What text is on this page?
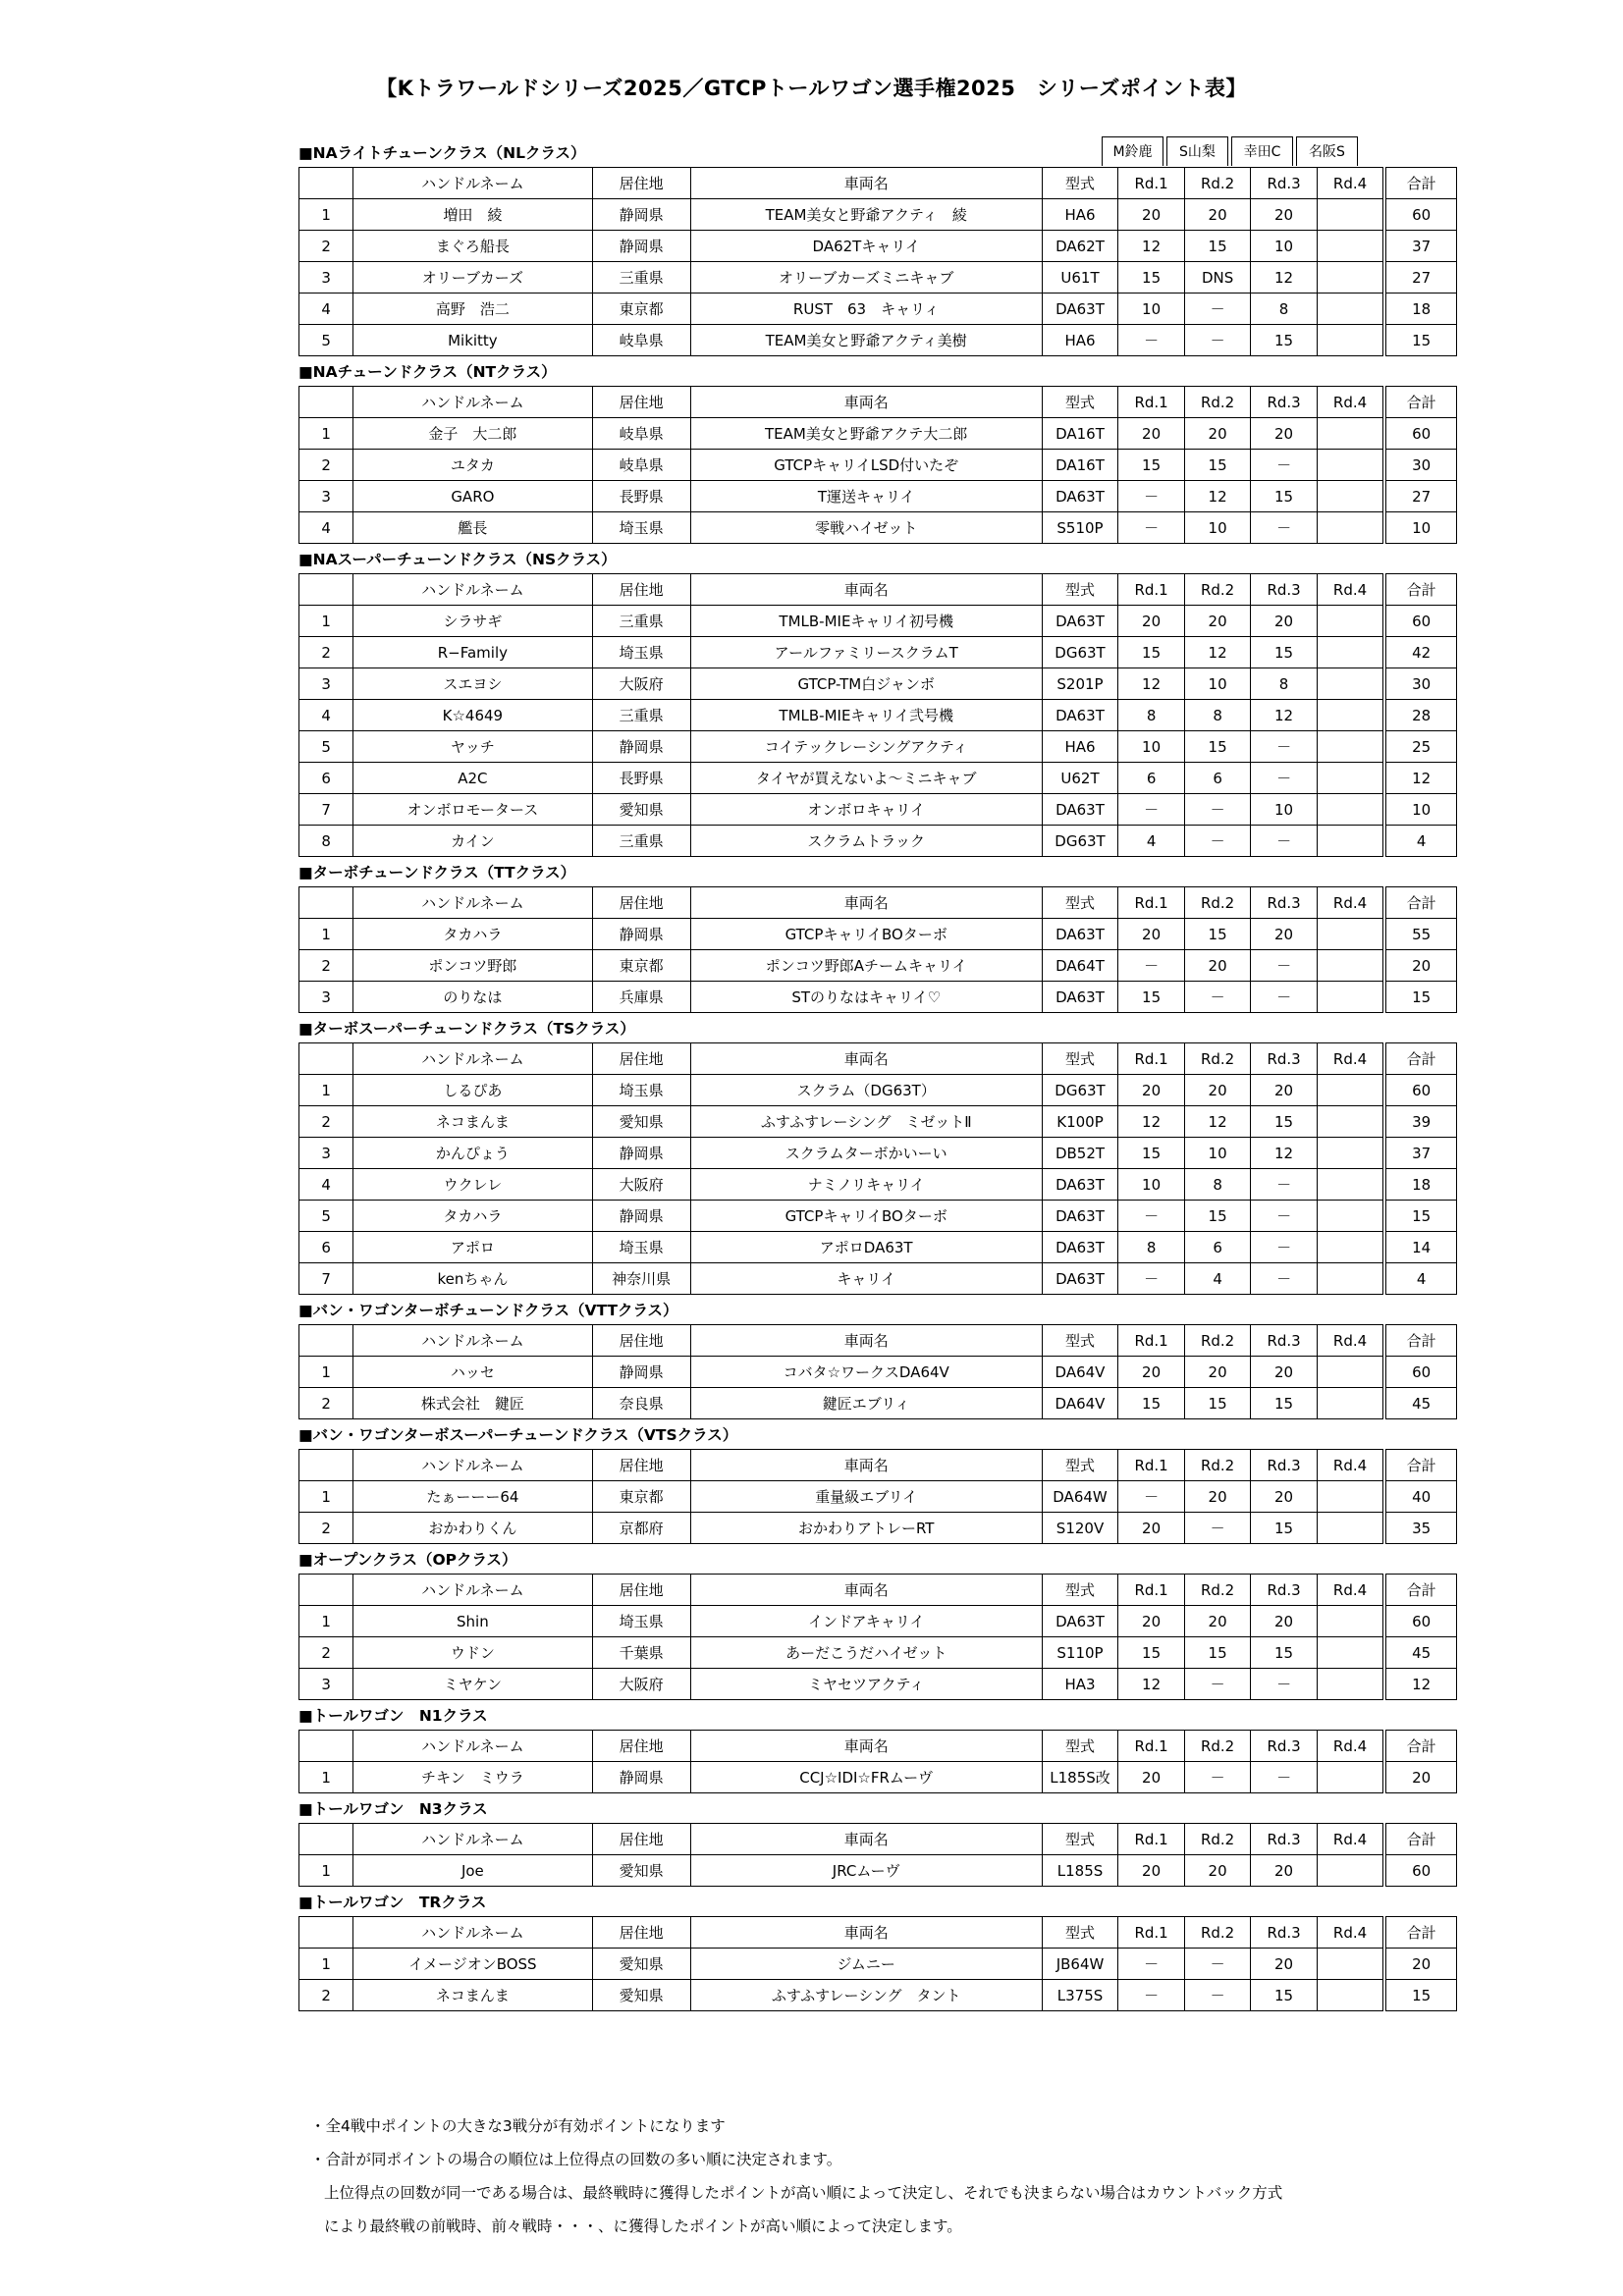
【Kトラワールドシリーズ2025／GTCPトールワゴン選手権2025　シリーズポイント表】
■NAライトチューンクラス（NLクラス）	M鈴鹿	S山梨	幸田C	名阪S
	ハンドルネーム	居住地	車両名	型式	Rd.1	Rd.2	Rd.3	Rd.4		合計
1	増田　綾	静岡県	TEAM美女と野爺アクティ　綾	HA6	20	20	20			60
2	まぐろ船長	静岡県	DA62Tキャリイ	DA62T	12	15	10			37
3	オリーブカーズ	三重県	オリーブカーズミニキャブ	U61T	15	DNS	12			27
4	高野　浩二	東京都	RUST　63　キャリィ	DA63T	10	－	8			18
5	Mikitty	岐阜県	TEAM美女と野爺アクティ美樹	HA6	－	－	15			15
■NAチューンドクラス（NTクラス）
	ハンドルネーム	居住地	車両名	型式	Rd.1	Rd.2	Rd.3	Rd.4		合計
1	金子　大二郎	岐阜県	TEAM美女と野爺アクテ大二郎	DA16T	20	20	20			60
2	ユタカ	岐阜県	GTCPキャリイLSD付いたぞ	DA16T	15	15	－			30
3	GARO	長野県	T運送キャリイ	DA63T	－	12	15			27
4	艦長	埼玉県	零戦ハイゼット	S510P	－	10	－			10
■NAスーパーチューンドクラス（NSクラス）
	ハンドルネーム	居住地	車両名	型式	Rd.1	Rd.2	Rd.3	Rd.4		合計
1	シラサギ	三重県	TMLB-MIEキャリイ初号機	DA63T	20	20	20			60
2	R−Family	埼玉県	アールファミリースクラムT	DG63T	15	12	15			42
3	スエヨシ	大阪府	GTCP-TM白ジャンボ	S201P	12	10	8			30
4	K☆4649	三重県	TMLB-MIEキャリイ弐号機	DA63T	8	8	12			28
5	ヤッチ	静岡県	コイテックレーシングアクティ	HA6	10	15	－			25
6	A2C	長野県	タイヤが買えないよ～ミニキャブ	U62T	6	6	－			12
7	オンボロモータース	愛知県	オンボロキャリイ	DA63T	－	－	10			10
8	カイン	三重県	スクラムトラック	DG63T	4	－	－			4
■ターボチューンドクラス（TTクラス）
	ハンドルネーム	居住地	車両名	型式	Rd.1	Rd.2	Rd.3	Rd.4		合計
1	タカハラ	静岡県	GTCPキャリイBOターボ	DA63T	20	15	20			55
2	ポンコツ野郎	東京都	ポンコツ野郎Aチームキャリイ	DA64T	－	20	－			20
3	のりなは	兵庫県	STのりなはキャリイ♡	DA63T	15	－	－			15
■ターボスーパーチューンドクラス（TSクラス）
	ハンドルネーム	居住地	車両名	型式	Rd.1	Rd.2	Rd.3	Rd.4		合計
1	しるぴあ	埼玉県	スクラム（DG63T）	DG63T	20	20	20			60
2	ネコまんま	愛知県	ふすふすレーシング　ミゼットⅡ	K100P	12	12	15			39
3	かんぴょう	静岡県	スクラムターボかいーい	DB52T	15	10	12			37
4	ウクレレ	大阪府	ナミノリキャリイ	DA63T	10	8	－			18
5	タカハラ	静岡県	GTCPキャリイBOターボ	DA63T	－	15	－			15
6	アポロ	埼玉県	アポロDA63T	DA63T	8	6	－			14
7	kenちゃん	神奈川県	キャリイ	DA63T	－	4	－			4
■バン・ワゴンターボチューンドクラス（VTTクラス）
	ハンドルネーム	居住地	車両名	型式	Rd.1	Rd.2	Rd.3	Rd.4		合計
1	ハッセ	静岡県	コバタ☆ワークスDA64V	DA64V	20	20	20			60
2	株式会社　鍵匠	奈良県	鍵匠エブリィ	DA64V	15	15	15			45
■バン・ワゴンターボスーパーチューンドクラス（VTSクラス）
	ハンドルネーム	居住地	車両名	型式	Rd.1	Rd.2	Rd.3	Rd.4		合計
1	たぁーーー64	東京都	重量級エブリイ	DA64W	－	20	20			40
2	おかわりくん	京都府	おかわりアトレーRT	S120V	20	－	15			35
■オープンクラス（OPクラス）
	ハンドルネーム	居住地	車両名	型式	Rd.1	Rd.2	Rd.3	Rd.4		合計
1	Shin	埼玉県	インドアキャリイ	DA63T	20	20	20			60
2	ウドン	千葉県	あーだこうだハイゼット	S110P	15	15	15			45
3	ミヤケン	大阪府	ミヤセツアクティ	HA3	12	－	－			12
■トールワゴン　N1クラス
	ハンドルネーム	居住地	車両名	型式	Rd.1	Rd.2	Rd.3	Rd.4		合計
1	チキン　ミウラ	静岡県	CCJ☆IDI☆FRムーヴ	L185S改	20	－	－			20
■トールワゴン　N3クラス
	ハンドルネーム	居住地	車両名	型式	Rd.1	Rd.2	Rd.3	Rd.4		合計
1	Joe	愛知県	JRCムーヴ	L185S	20	20	20			60
■トールワゴン　TRクラス
	ハンドルネーム	居住地	車両名	型式	Rd.1	Rd.2	Rd.3	Rd.4		合計
1	イメージオンBOSS	愛知県	ジムニー	JB64W	－	－	20			20
2	ネコまんま	愛知県	ふすふすレーシング　タント	L375S	－	－	15			15
・全4戦中ポイントの大きな3戦分が有効ポイントになります
・合計が同ポイントの場合の順位は上位得点の回数の多い順に決定されます。
上位得点の回数が同一である場合は、最終戦時に獲得したポイントが高い順によって決定し、それでも決まらない場合はカウントバック方式
により最終戦の前戦時、前々戦時・・・、に獲得したポイントが高い順によって決定します。
